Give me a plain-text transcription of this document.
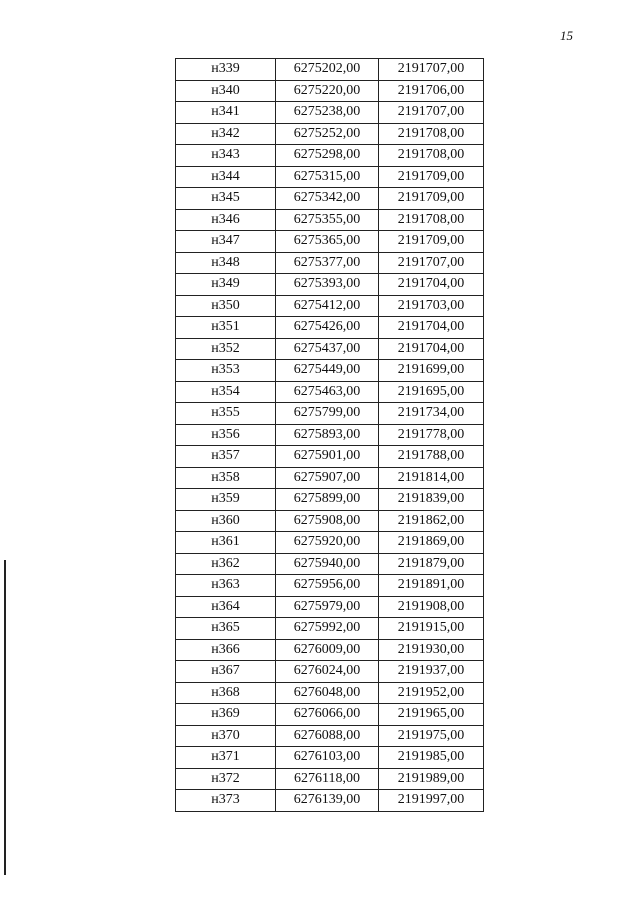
15
н339	6275202,00	2191707,00
н340	6275220,00	2191706,00
н341	6275238,00	2191707,00
н342	6275252,00	2191708,00
н343	6275298,00	2191708,00
н344	6275315,00	2191709,00
н345	6275342,00	2191709,00
н346	6275355,00	2191708,00
н347	6275365,00	2191709,00
н348	6275377,00	2191707,00
н349	6275393,00	2191704,00
н350	6275412,00	2191703,00
н351	6275426,00	2191704,00
н352	6275437,00	2191704,00
н353	6275449,00	2191699,00
н354	6275463,00	2191695,00
н355	6275799,00	2191734,00
н356	6275893,00	2191778,00
н357	6275901,00	2191788,00
н358	6275907,00	2191814,00
н359	6275899,00	2191839,00
н360	6275908,00	2191862,00
н361	6275920,00	2191869,00
н362	6275940,00	2191879,00
н363	6275956,00	2191891,00
н364	6275979,00	2191908,00
н365	6275992,00	2191915,00
н366	6276009,00	2191930,00
н367	6276024,00	2191937,00
н368	6276048,00	2191952,00
н369	6276066,00	2191965,00
н370	6276088,00	2191975,00
н371	6276103,00	2191985,00
н372	6276118,00	2191989,00
н373	6276139,00	2191997,00
